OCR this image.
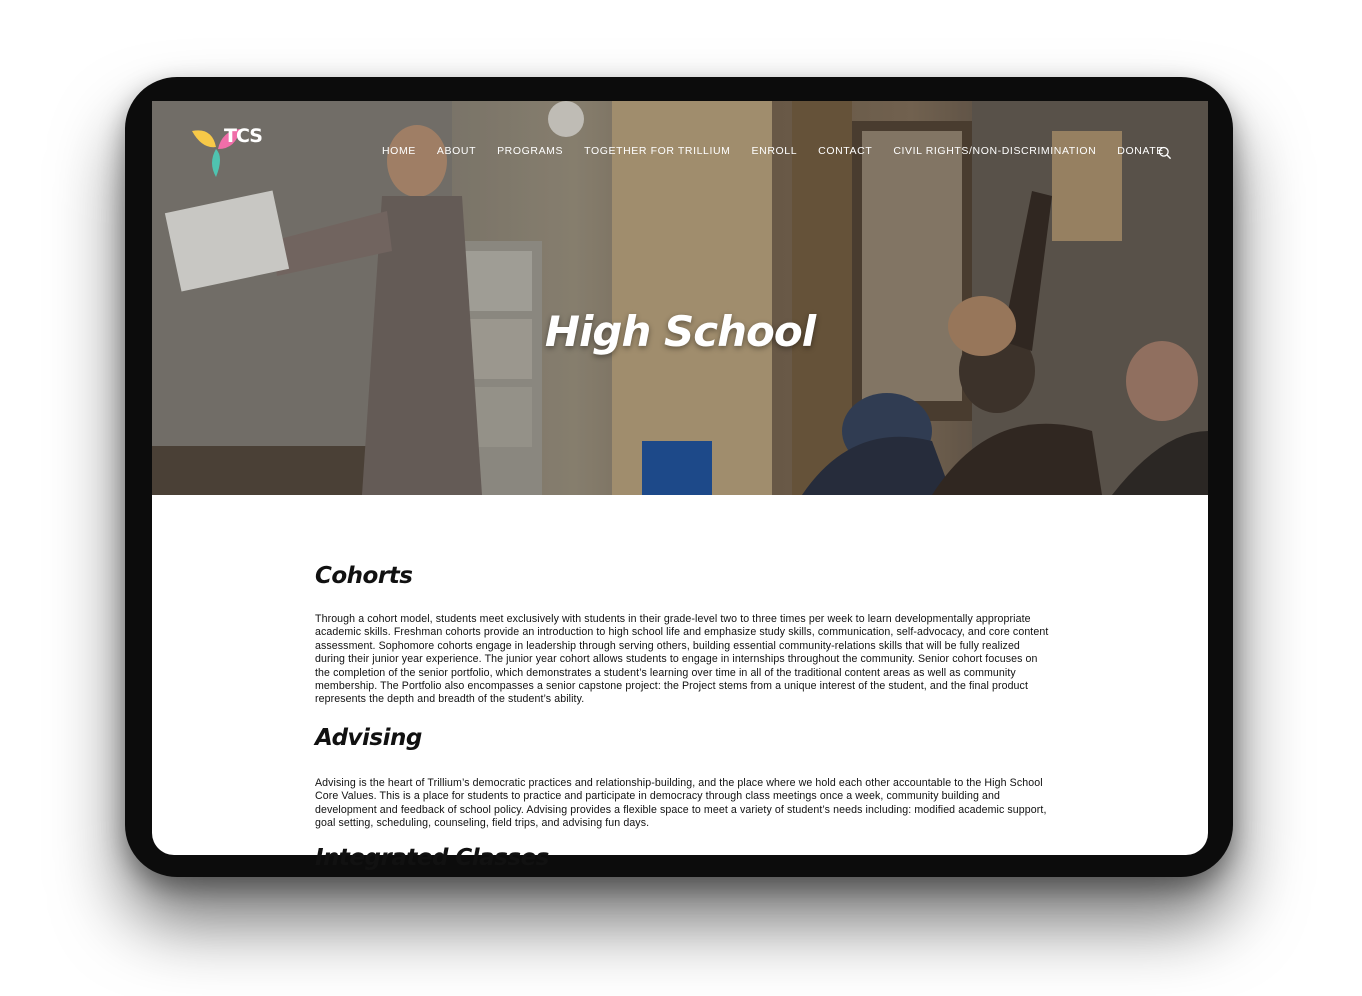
TCS
HOME ABOUT PROGRAMS TOGETHER FOR TRILLIUM ENROLL CONTACT CIVIL RIGHTS/NON-DISCRIMINATION DONATE
High School
Cohorts

Through a cohort model, students meet exclusively with students in their grade-level two to three times per week to learn developmentally appropriate academic skills. Freshman cohorts provide an introduction to high school life and emphasize study skills, communication, self-advocacy, and core content assessment. Sophomore cohorts engage in leadership through serving others, building essential community-relations skills that will be fully realized during their junior year experience. The junior year cohort allows students to engage in internships throughout the community. Senior cohort focuses on the completion of the senior portfolio, which demonstrates a student’s learning over time in all of the traditional content areas as well as community membership. The Portfolio also encompasses a senior capstone project: the Project stems from a unique interest of the student, and the final product represents the depth and breadth of the student’s ability.

Advising

Advising is the heart of Trillium’s democratic practices and relationship-building, and the place where we hold each other accountable to the High School Core Values. This is a place for students to practice and participate in democracy through class meetings once a week, community building and development and feedback of school policy. Advising provides a flexible space to meet a variety of student’s needs including: modified academic support, goal setting, scheduling, counseling, field trips, and advising fun days.

Integrated Classes
